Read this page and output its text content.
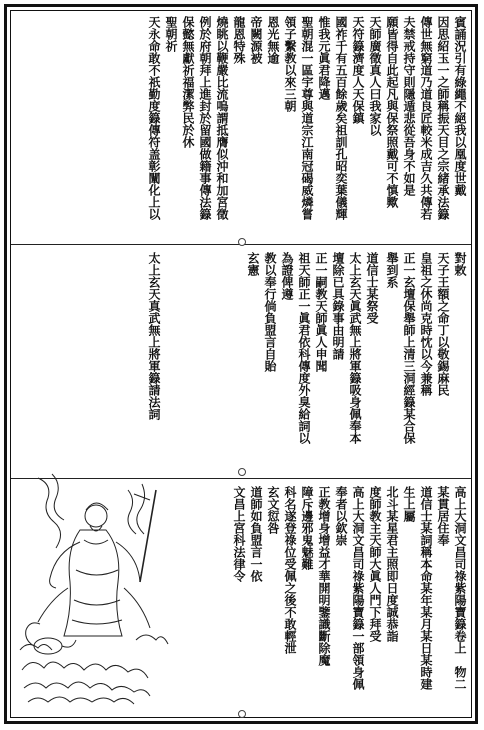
賓誦況引有綠繩不絕我以凰度世戴
因思紹玉一之師稱振天目之宗緒承法籙
傳世無窮道乃道良匠較米成吉久共傳若
夫禁戒持守則隱遁悲從吾身不如是
願皆得自此起凡與保祭照戴可不慎歟
天師廣徵真人曰我家以
天符籙濟度人天保鎮
國祚千有五百餘歲矣祖訓孔昭奕葉儀輝
惟我元眞君降邁
聖朝混一區宇尊與道宗江南冠碣威燐嘗
領子繫教以來三朝
恩光無逾
帝闕源被
龍恩特殊
燒眺以鞭嚴比流嗚謂抵膺似沖和加宮徵
例於府朝拜上進封於留國做籍事傳法籙
保懿無獻祈福潔弊民於休
聖朝祈
天永命敢不祇勤度籙傳符盖彰闡化上以
對敕
天子王額之命丁以敬錫麻民
皇祖之休尚克時忱以今兼稱
正一玄壇保舉師上清三洞經籙某合保
舉到系
道信士某祭受
太上玄天眞武無上將軍籙吸身佩奉本
壇除已具錄事由明請
正一嗣教天師眞人申聞
祖天師正一眞君依科傳度外臭給詞以
為證俾遵
教以奉行倘負盟言自貽
玄憲
太上玄天真武無上將軍籙請法詞
高上大洞文昌司祿紫陽寶籙卷上　物二
某貫居住奉
道信士某詞稱本命某年某月某日某時建
生上屬
北斗某星君主照即日度誠恭詣
度師教主天師大眞人門下拜受
高上大洞文昌司祿紫陽寶籙一部領身佩
奉者以欽崇
正教增身增益才華開明鑒識斷除魔
障斥邊邪鬼魅難
科名遂登祿位受佩之後不敢輕泄
玄文愆咎
道師如負盟言一依
文昌上宮科法律令
